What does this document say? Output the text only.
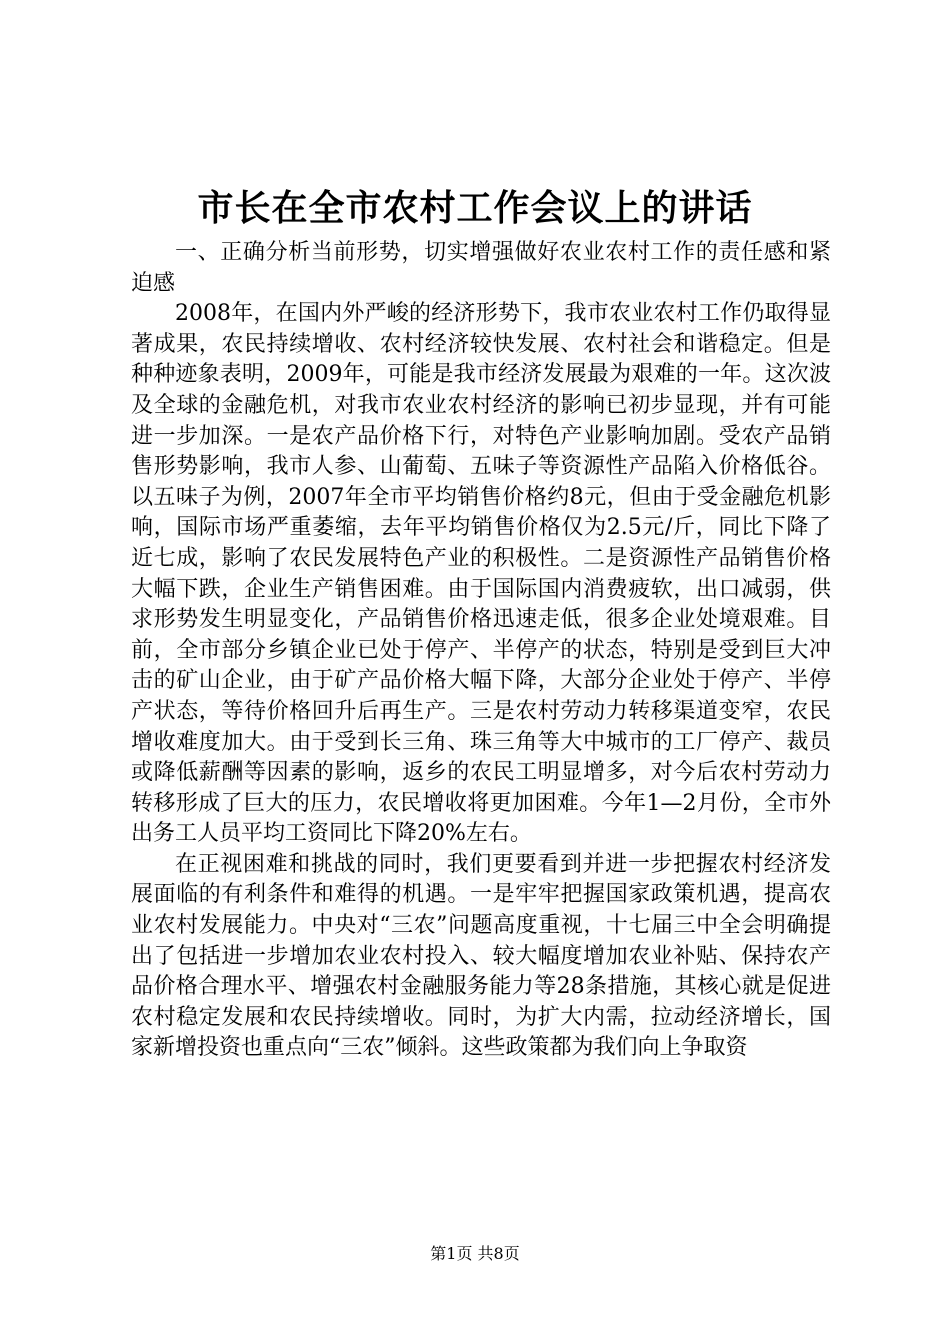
市长在全市农村工作会议上的讲话

一、正确分析当前形势，切实增强做好农业农村工作的责任感和紧迫感

2008年，在国内外严峻的经济形势下，我市农业农村工作仍取得显著成果，农民持续增收、农村经济较快发展、农村社会和谐稳定。但是种种迹象表明，2009年，可能是我市经济发展最为艰难的一年。这次波及全球的金融危机，对我市农业农村经济的影响已初步显现，并有可能进一步加深。一是农产品价格下行，对特色产业影响加剧。受农产品销售形势影响，我市人参、山葡萄、五味子等资源性产品陷入价格低谷。以五味子为例，2007年全市平均销售价格约8元，但由于受金融危机影响，国际市场严重萎缩，去年平均销售价格仅为2.5元/斤，同比下降了近七成，影响了农民发展特色产业的积极性。二是资源性产品销售价格大幅下跌，企业生产销售困难。由于国际国内消费疲软，出口减弱，供求形势发生明显变化，产品销售价格迅速走低，很多企业处境艰难。目前，全市部分乡镇企业已处于停产、半停产的状态，特别是受到巨大冲击的矿山企业，由于矿产品价格大幅下降，大部分企业处于停产、半停产状态，等待价格回升后再生产。三是农村劳动力转移渠道变窄，农民增收难度加大。由于受到长三角、珠三角等大中城市的工厂停产、裁员或降低薪酬等因素的影响，返乡的农民工明显增多，对今后农村劳动力转移形成了巨大的压力，农民增收将更加困难。今年1—2月份，全市外出务工人员平均工资同比下降20%左右。

在正视困难和挑战的同时，我们更要看到并进一步把握农村经济发展面临的有利条件和难得的机遇。一是牢牢把握国家政策机遇，提高农业农村发展能力。中央对“三农”问题高度重视，十七届三中全会明确提出了包括进一步增加农业农村投入、较大幅度增加农业补贴、保持农产品价格合理水平、增强农村金融服务能力等28条措施，其核心就是促进农村稳定发展和农民持续增收。同时，为扩大内需，拉动经济增长，国家新增投资也重点向“三农”倾斜。这些政策都为我们向上争取资

第1页 共8页
